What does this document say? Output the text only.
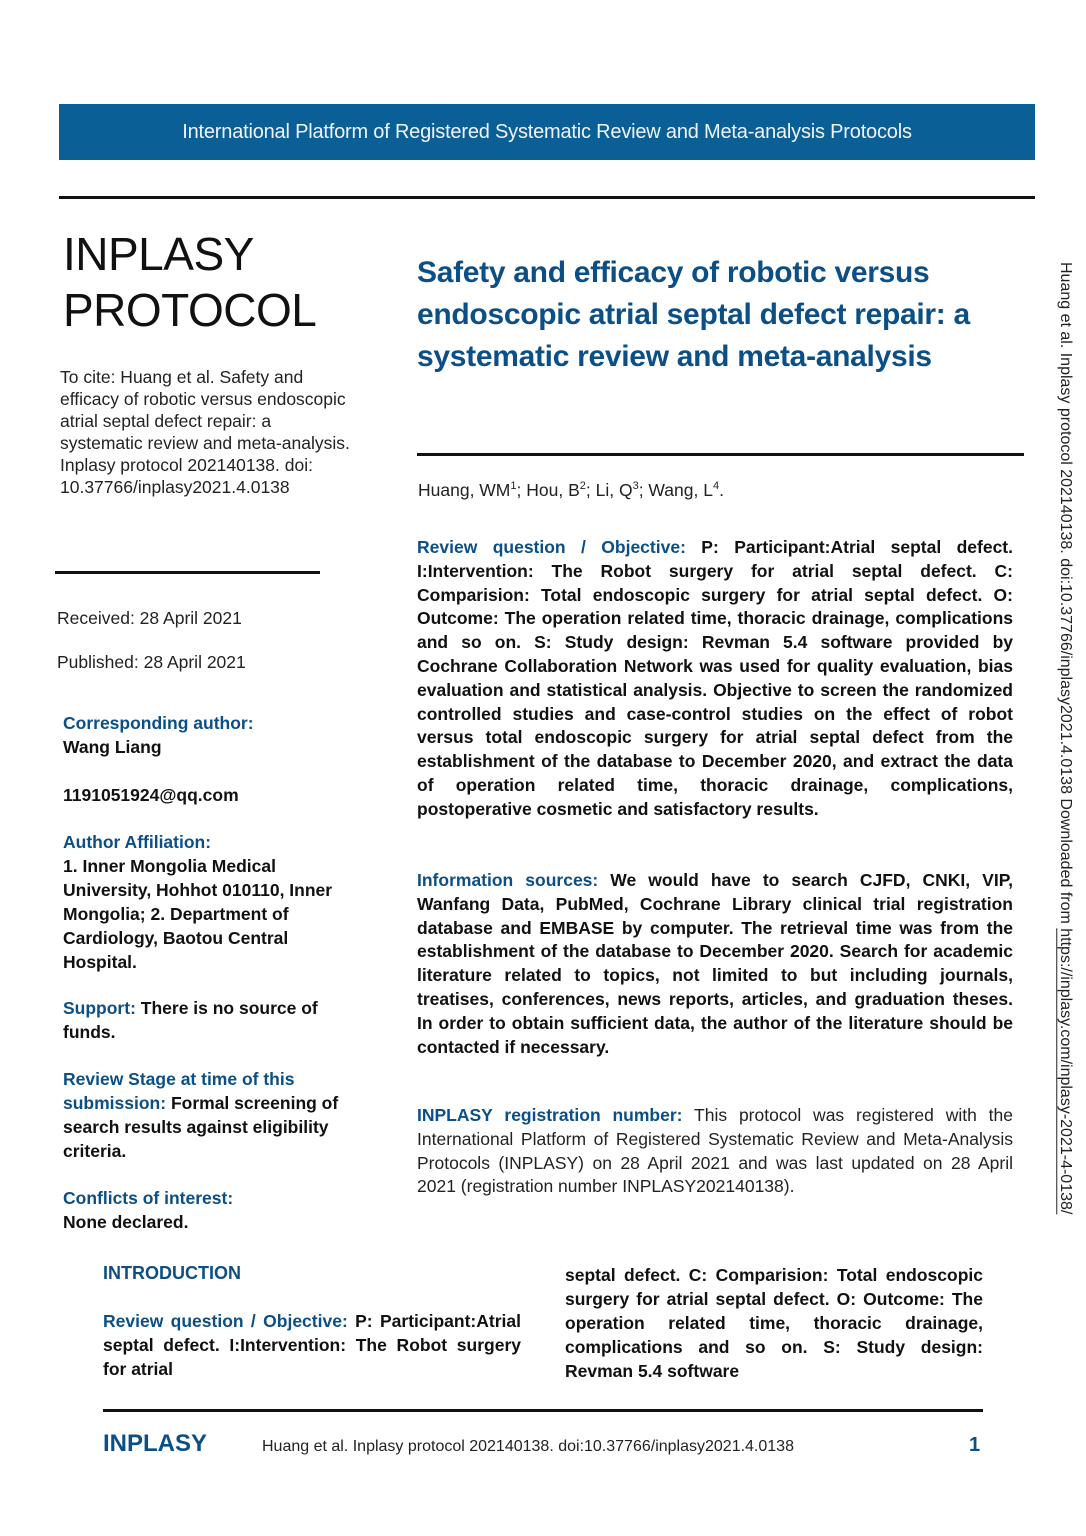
International Platform of Registered Systematic Review and Meta-analysis Protocols
INPLASY
PROTOCOL
To cite: Huang et al. Safety and efficacy of robotic versus endoscopic atrial septal defect repair: a systematic review and meta-analysis. Inplasy protocol 202140138. doi: 10.37766/inplasy2021.4.0138
Received: 28 April 2021
Published: 28 April 2021
Corresponding author:
Wang Liang
1191051924@qq.com
Author Affiliation:
1. Inner Mongolia Medical University, Hohhot 010110, Inner Mongolia; 2. Department of Cardiology, Baotou Central Hospital.
Support: There is no source of funds.
Review Stage at time of this submission: Formal screening of search results against eligibility criteria.
Conflicts of interest:
None declared.
Safety and efficacy of robotic versus endoscopic atrial septal defect repair: a systematic review and meta-analysis
Huang, $WM^1$; Hou, $B^2$; Li, $Q^3$; Wang, $L^4$.
Review question / Objective: P: Participant:Atrial septal defect. I:Intervention: The Robot surgery for atrial septal defect. C: Comparision: Total endoscopic surgery for atrial septal defect. O: Outcome: The operation related time, thoracic drainage, complications and so on. S: Study design: Revman 5.4 software provided by Cochrane Collaboration Network was used for quality evaluation, bias evaluation and statistical analysis. Objective to screen the randomized controlled studies and case-control studies on the effect of robot versus total endoscopic surgery for atrial septal defect from the establishment of the database to December 2020, and extract the data of operation related time, thoracic drainage, complications, postoperative cosmetic and satisfactory results.
Information sources: We would have to search CJFD, CNKI, VIP, Wanfang Data, PubMed, Cochrane Library clinical trial registration database and EMBASE by computer. The retrieval time was from the establishment of the database to December 2020. Search for academic literature related to topics, not limited to but including journals, treatises, conferences, news reports, articles, and graduation theses. In order to obtain sufficient data, the author of the literature should be contacted if necessary.
INPLASY registration number: This protocol was registered with the International Platform of Registered Systematic Review and Meta-Analysis Protocols (INPLASY) on 28 April 2021 and was last updated on 28 April 2021 (registration number INPLASY202140138).
INTRODUCTION
Review question / Objective: P: Participant:Atrial septal defect. I:Intervention: The Robot surgery for atrial
septal defect. C: Comparision: Total endoscopic surgery for atrial septal defect. O: Outcome: The operation related time, thoracic drainage, complications and so on. S: Study design: Revman 5.4 software
INPLASY	Huang et al. Inplasy protocol 202140138. doi:10.37766/inplasy2021.4.0138	1
Huang et al. Inplasy protocol 202140138. doi:10.37766/inplasy2021.4.0138 Downloaded from https://inplasy.com/inplasy-2021-4-0138/
